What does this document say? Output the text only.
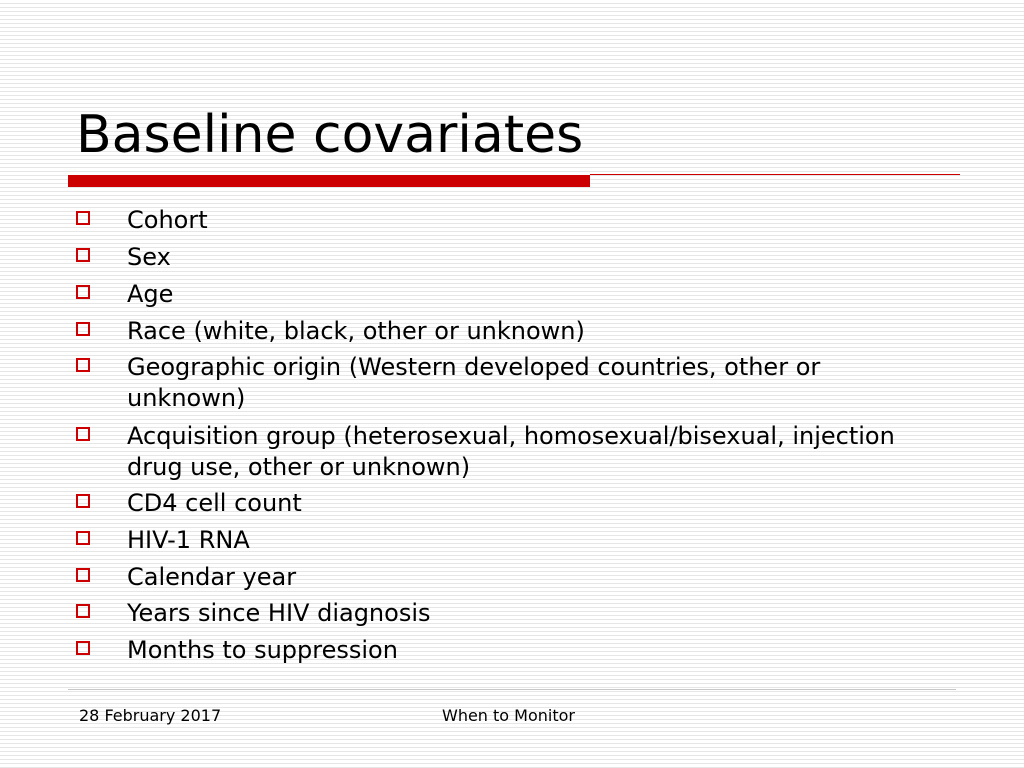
Baseline covariates
Cohort
Sex
Age
Race (white, black, other or unknown)
Geographic origin (Western developed countries, other or unknown)
Acquisition group (heterosexual, homosexual/bisexual, injection drug use, other or unknown)
CD4 cell count
HIV-1 RNA
Calendar year
Years since HIV diagnosis
Months to suppression
28 February 2017	When to Monitor
